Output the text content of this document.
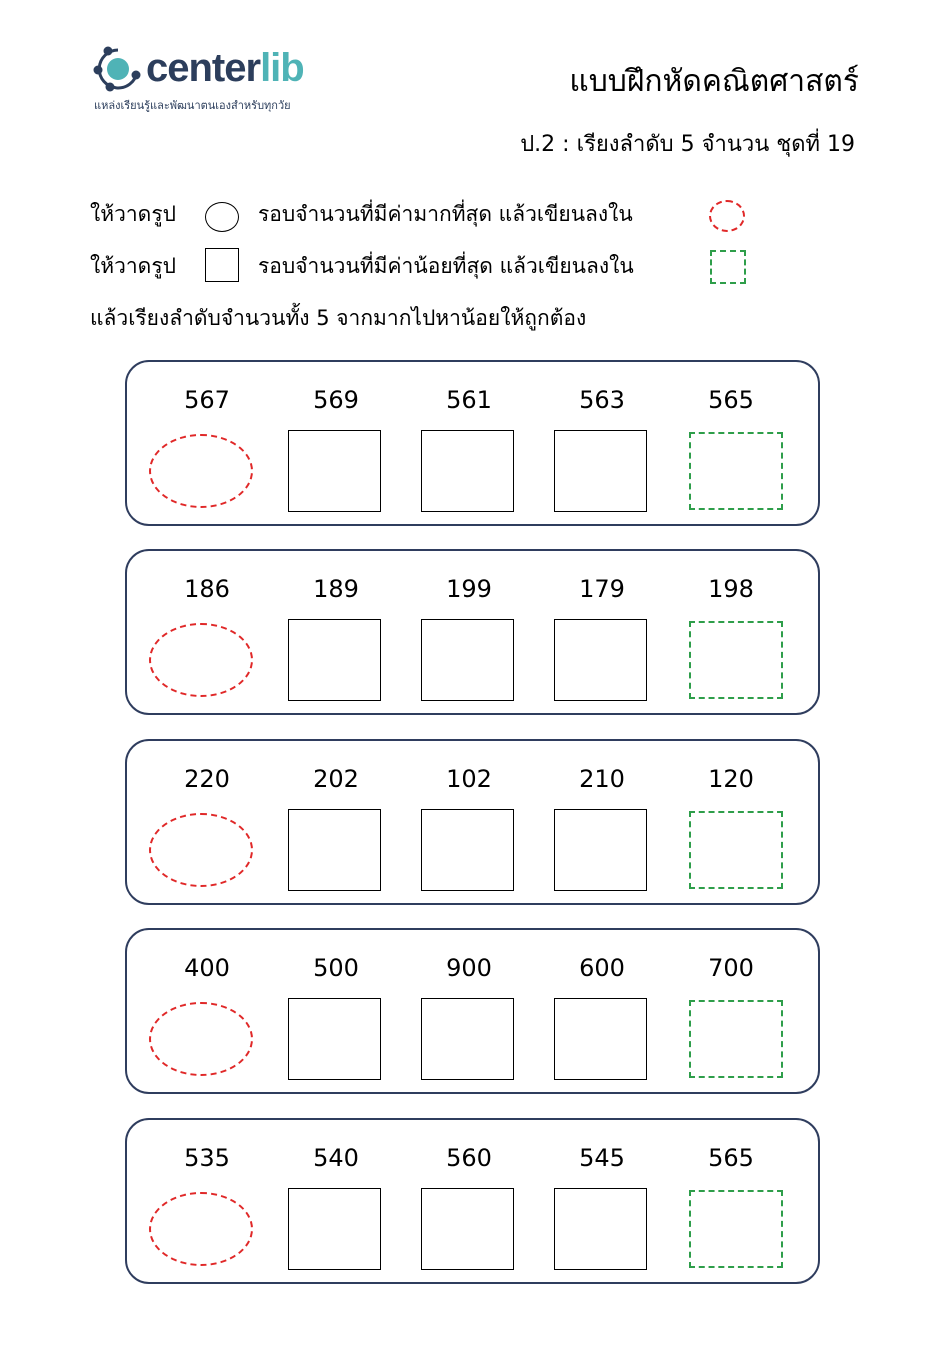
centerlib
แหล่งเรียนรู้และพัฒนาตนเองสำหรับทุกวัย
แบบฝึกหัดคณิตศาสตร์
ป.2 : เรียงลำดับ 5 จำนวน ชุดที่ 19
ให้วาดรูป	รอบจำนวนที่มีค่ามากที่สุด แล้วเขียนลงใน
ให้วาดรูป	รอบจำนวนที่มีค่าน้อยที่สุด แล้วเขียนลงใน
แล้วเรียงลำดับจำนวนทั้ง 5 จากมากไปหาน้อยให้ถูกต้อง
567	569	561	563	565
186	189	199	179	198
220	202	102	210	120
400	500	900	600	700
535	540	560	545	565
